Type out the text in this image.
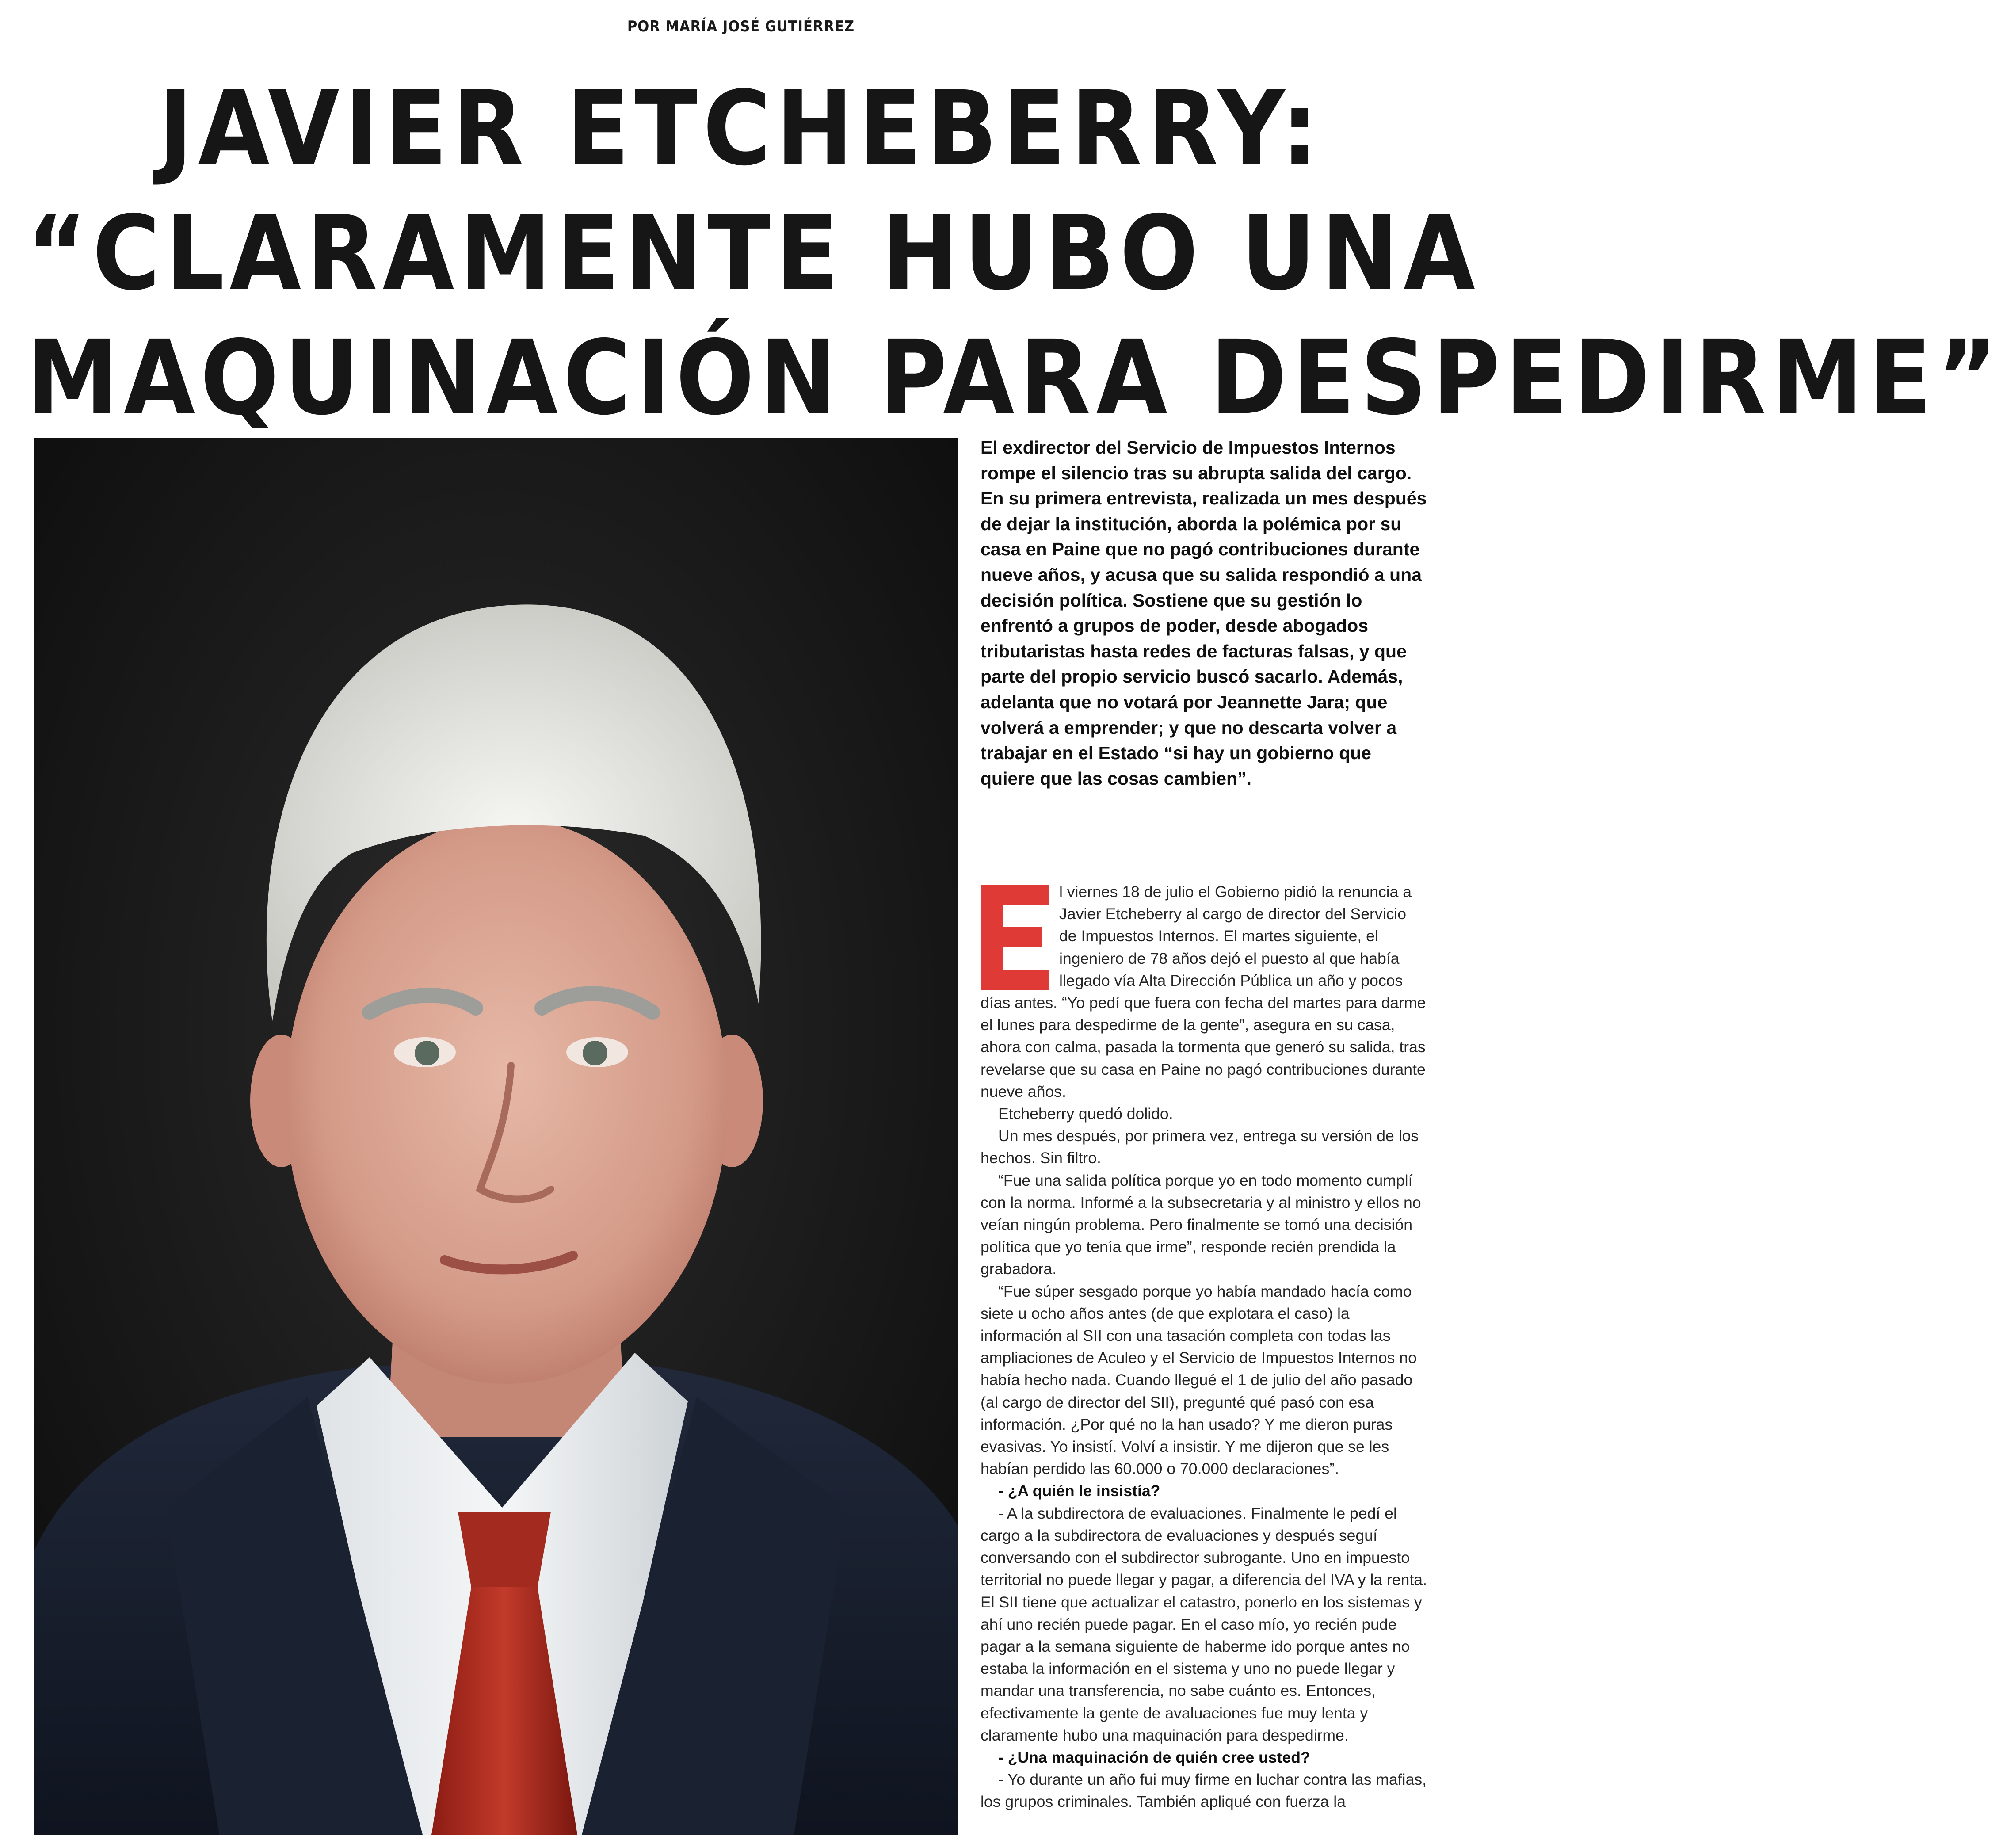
POR MARÍA JOSÉ GUTIÉRREZ
JAVIER ETCHEBERRY:
“CLARAMENTE HUBO UNA
MAQUINACIÓN PARA DESPEDIRME”
El exdirector del Servicio de Impuestos Internos rompe el silencio tras su abrupta salida del cargo. En su primera entrevista, realizada un mes después de dejar la institución, aborda la polémica por su casa en Paine que no pagó contribuciones durante nueve años, y acusa que su salida respondió a una decisión política. Sostiene que su gestión lo enfrentó a grupos de poder, desde abogados tributaristas hasta redes de facturas falsas, y que parte del propio servicio buscó sacarlo. Además, adelanta que no votará por Jeannette Jara; que volverá a emprender; y que no descarta volver a trabajar en el Estado “si hay un gobierno que quiere que las cosas cambien”.

l viernes 18 de julio el Gobierno pidió la renuncia a Javier Etcheberry al cargo de director del Servicio de Impuestos Internos. El martes siguiente, el ingeniero de 78 años dejó el puesto al que había llegado vía Alta Dirección Pública un año y pocos días antes. “Yo pedí que fuera con fecha del martes para darme el lunes para despedirme de la gente”, asegura en su casa, ahora con calma, pasada la tormenta que generó su salida, tras revelarse que su casa en Paine no pagó contribuciones durante nueve años.

Etcheberry quedó dolido.

Un mes después, por primera vez, entrega su versión de los hechos. Sin filtro.

“Fue una salida política porque yo en todo momento cumplí con la norma. Informé a la subsecretaria y al ministro y ellos no veían ningún problema. Pero finalmente se tomó una decisión política que yo tenía que irme”, responde recién prendida la grabadora.

“Fue súper sesgado porque yo había mandado hacía como siete u ocho años antes (de que explotara el caso) la información al SII con una tasación completa con todas las ampliaciones de Aculeo y el Servicio de Impuestos Internos no había hecho nada. Cuando llegué el 1 de julio del año pasado (al cargo de director del SII), pregunté qué pasó con esa información. ¿Por qué no la han usado? Y me dieron puras evasivas. Yo insistí. Volví a insistir. Y me dijeron que se les habían perdido las 60.000 o 70.000 declaraciones”.

- ¿A quién le insistía?

- A la subdirectora de evaluaciones. Finalmente le pedí el cargo a la subdirectora de evaluaciones y después seguí conversando con el subdirector subrogante. Uno en impuesto territorial no puede llegar y pagar, a diferencia del IVA y la renta. El SII tiene que actualizar el catastro, ponerlo en los sistemas y ahí uno recién puede pagar. En el caso mío, yo recién pude pagar a la semana siguiente de haberme ido porque antes no estaba la información en el sistema y uno no puede llegar y mandar una transferencia, no sabe cuánto es. Entonces, efectivamente la gente de avaluaciones fue muy lenta y claramente hubo una maquinación para despedirme.

- ¿Una maquinación de quién cree usted?

- Yo durante un año fui muy firme en luchar contra las mafias, los grupos criminales. También apliqué con fuerza la
